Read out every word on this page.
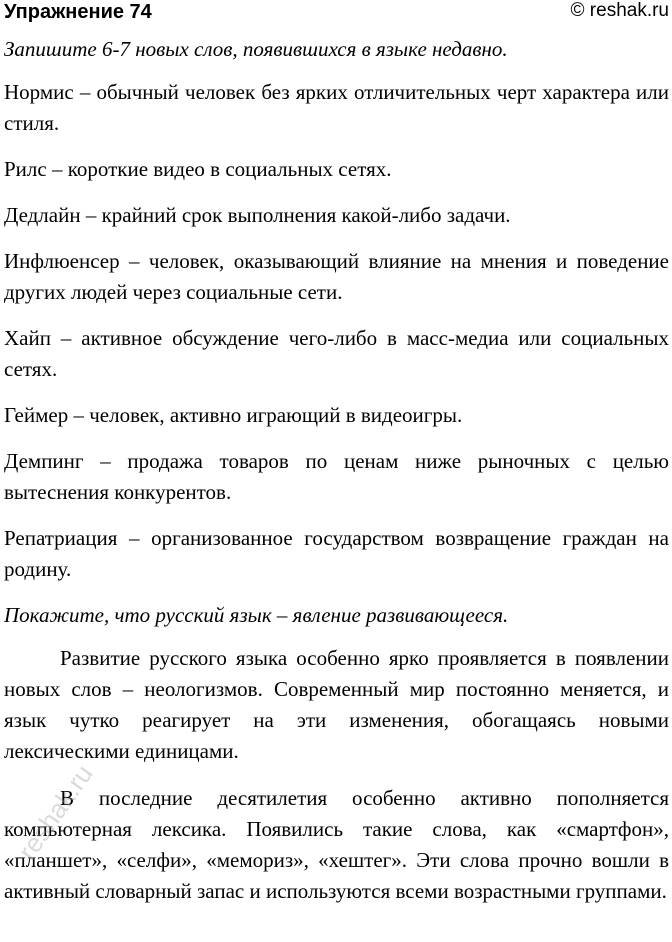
Упражнение 74	© reshak.ru

Запишите 6-7 новых слов, появившихся в языке недавно.

Нормис – обычный человек без ярких отличительных черт характера или стиля.

Рилс – короткие видео в социальных сетях.

Дедлайн – крайний срок выполнения какой-либо задачи.

Инфлюенсер – человек, оказывающий влияние на мнения и поведение других людей через социальные сети.

Хайп – активное обсуждение чего-либо в масс-медиа или социальных сетях.

Геймер – человек, активно играющий в видеоигры.

Демпинг – продажа товаров по ценам ниже рыночных с целью вытеснения конкурентов.

Репатриация – организованное государством возвращение граждан на родину.

Покажите, что русский язык – явление развивающееся.

Развитие русского языка особенно ярко проявляется в появлении новых слов – неологизмов. Современный мир постоянно меняется, и язык чутко реагирует на эти изменения, обогащаясь новыми лексическими единицами.

В последние десятилетия особенно активно пополняется компьютерная лексика. Появились такие слова, как «смартфон», «планшет», «селфи», «мемориз», «хештег». Эти слова прочно вошли в активный словарный запас и используются всеми возрастными группами.

reshak.ru
